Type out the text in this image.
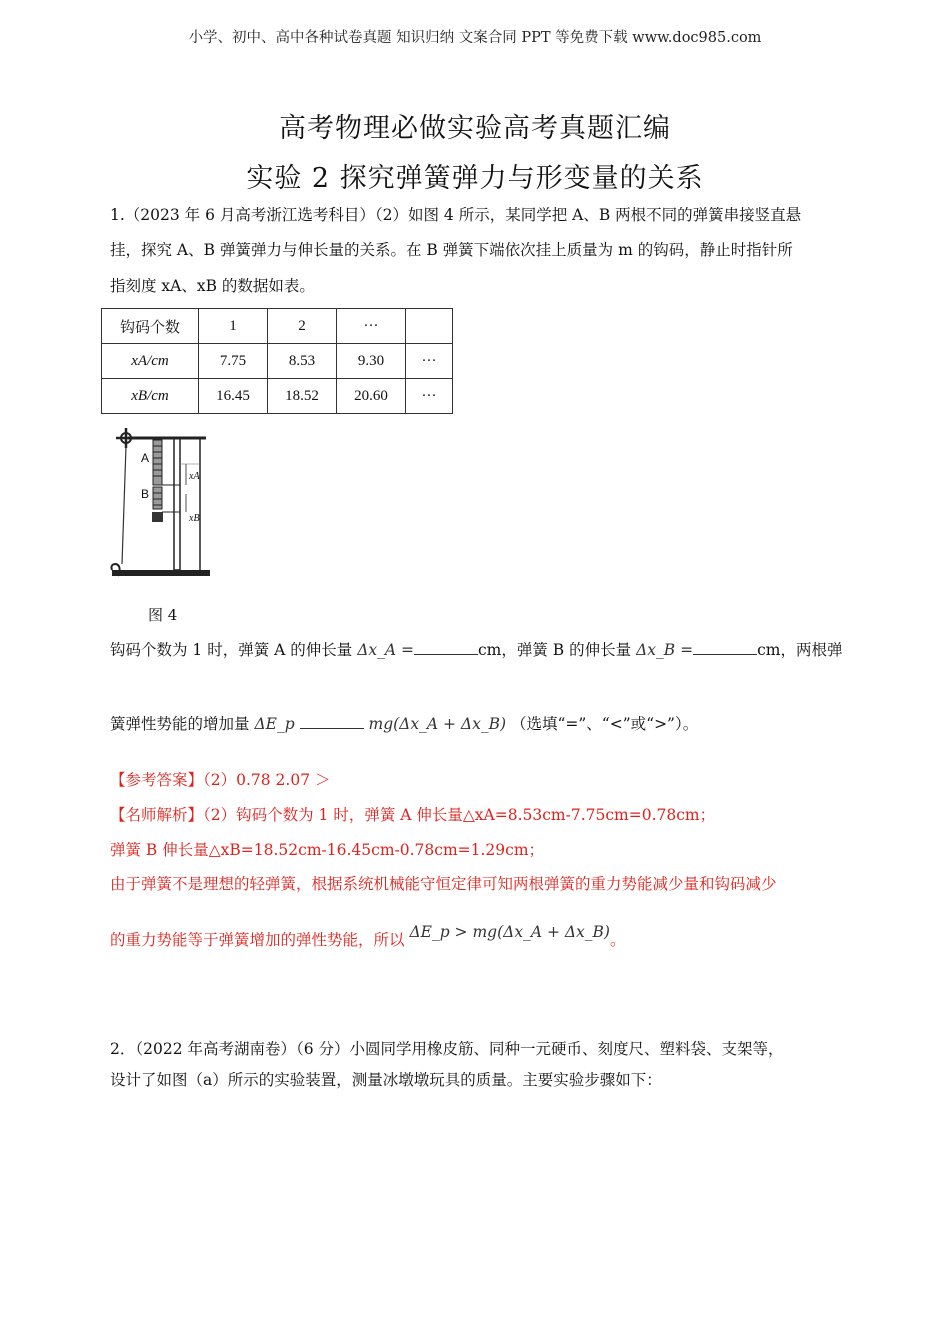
小学、初中、高中各种试卷真题 知识归纳 文案合同 PPT 等免费下载 www.doc985.com
高考物理必做实验高考真题汇编
实验 2 探究弹簧弹力与形变量的关系
1.（2023 年 6 月高考浙江选考科目）（2）如图 4 所示，某同学把 A、B 两根不同的弹簧串接竖直悬
挂，探究 A、B 弹簧弹力与伸长量的关系。在 B 弹簧下端依次挂上质量为 m 的钩码，静止时指针所
指刻度 xA、xB 的数据如表。
钩码个数	1	2	···	
xA/cm	7.75	8.53	9.30	···
xB/cm	16.45	18.52	20.60	···
A
B
xA
xB
图 4
钩码个数为 1 时，弹簧 A 的伸长量 Δx_A =	cm，弹簧 B 的伸长量 Δx_B =	cm，两根弹
簧弹性势能的增加量 ΔE_p	mg(Δx_A + Δx_B) （选填“=”、“<”或“>”）。
【参考答案】（2）0.78 2.07 ＞
【名师解析】（2）钩码个数为 1 时，弹簧 A 伸长量△xA=8.53cm-7.75cm=0.78cm；
弹簧 B 伸长量△xB=18.52cm-16.45cm-0.78cm=1.29cm；
由于弹簧不是理想的轻弹簧，根据系统机械能守恒定律可知两根弹簧的重力势能减少量和钩码减少
的重力势能等于弹簧增加的弹性势能，所以 ΔE_p > mg(Δx_A + Δx_B)。
2．（2022 年高考湖南卷）（6 分）小圆同学用橡皮筋、同种一元硬币、刻度尺、塑料袋、支架等，
设计了如图（a）所示的实验装置，测量冰墩墩玩具的质量。主要实验步骤如下：
